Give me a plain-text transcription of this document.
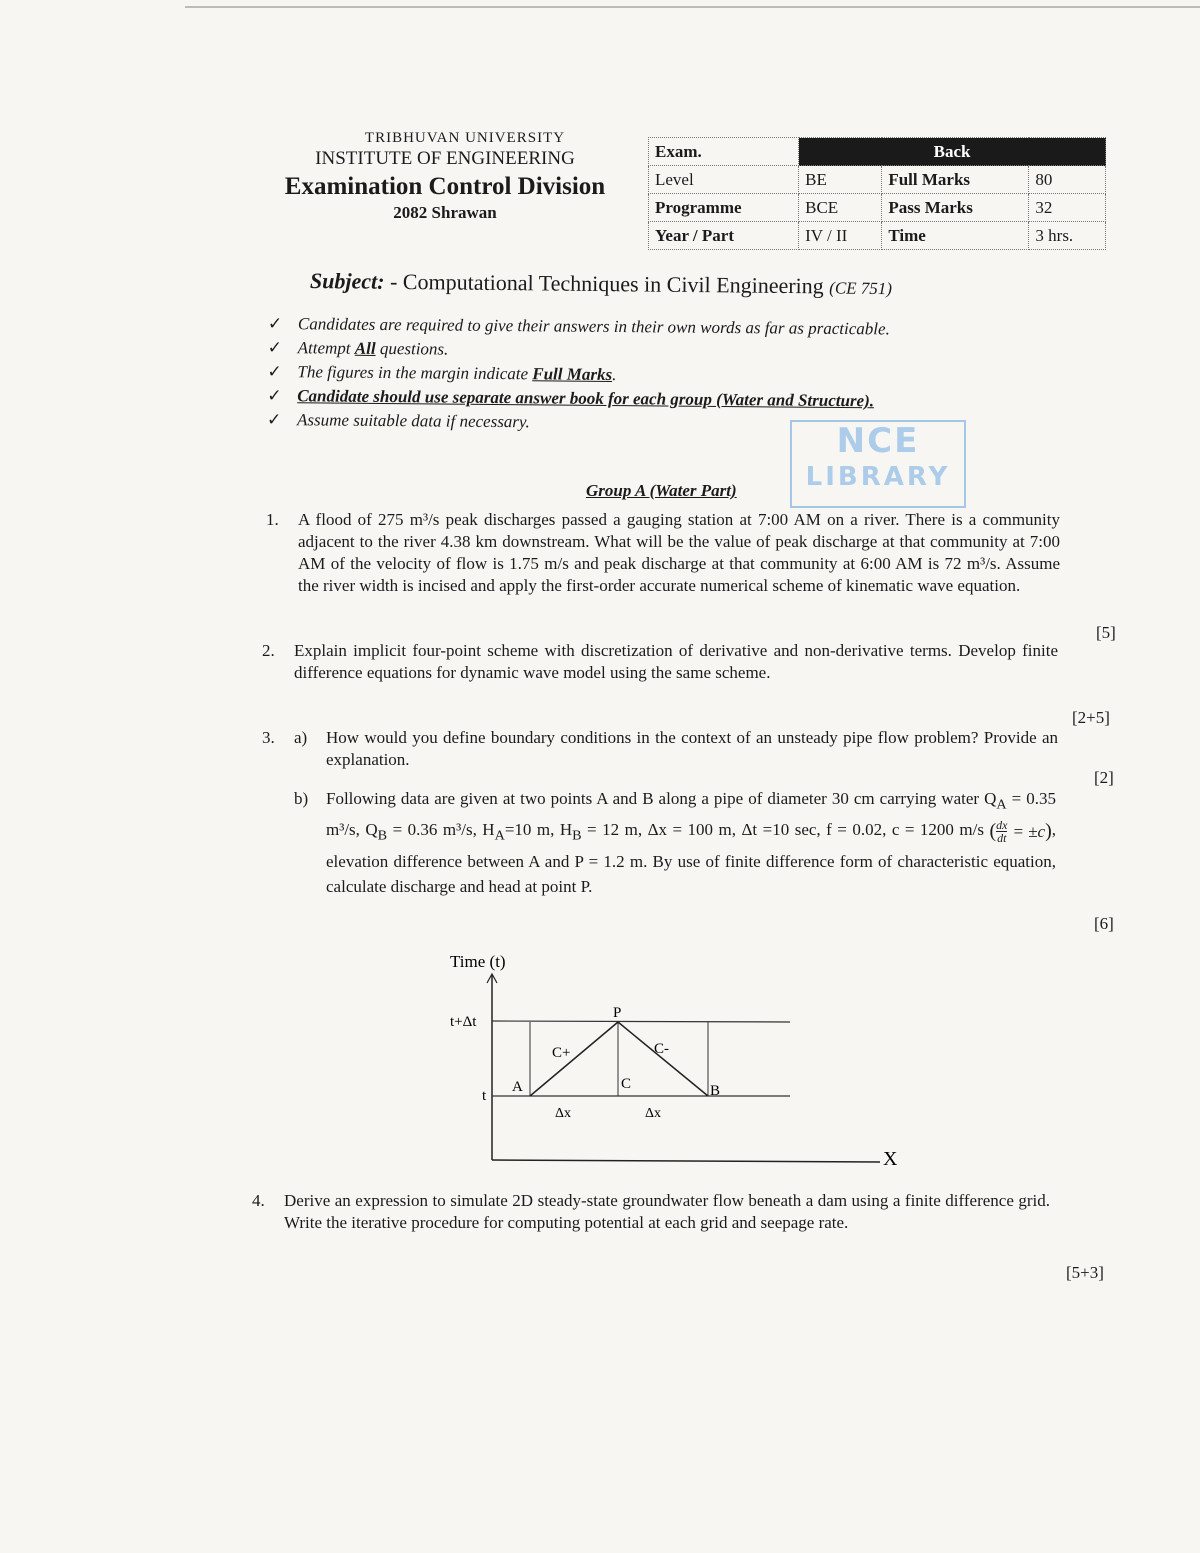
TRIBHUVAN UNIVERSITY
INSTITUTE OF ENGINEERING
Examination Control Division
2082 Shrawan
Exam.	Back		
Level	BE	Full Marks	80
Programme	BCE	Pass Marks	32
Year / Part	IV / II	Time	3 hrs.
Subject: - Computational Techniques in Civil Engineering (CE 751)
✓ Candidates are required to give their answers in their own words as far as practicable.
✓ Attempt All questions.
✓ The figures in the margin indicate Full Marks.
✓ Candidate should use separate answer book for each group (Water and Structure).
✓ Assume suitable data if necessary.
NCE
LIBRARY
Group A (Water Part)
1. A flood of 275 m³/s peak discharges passed a gauging station at 7:00 AM on a river. There is a community adjacent to the river 4.38 km downstream. What will be the value of peak discharge at that community at 7:00 AM of the velocity of flow is 1.75 m/s and peak discharge at that community at 6:00 AM is 72 m³/s. Assume the river width is incised and apply the first-order accurate numerical scheme of kinematic wave equation.
[5]
2. Explain implicit four-point scheme with discretization of derivative and non-derivative terms. Develop finite difference equations for dynamic wave model using the same scheme.
[2+5]
3. a) How would you define boundary conditions in the context of an unsteady pipe flow problem? Provide an explanation.
[2]
b) Following data are given at two points A and B along a pipe of diameter 30 cm carrying water $Q_A = 0.35$ m³/s, $Q_B = 0.36$ m³/s, $H_A=10$ m, $H_B = 12$ m, Δx = 100 m, Δt =10 sec, f = 0.02, c = 1200 m/s ( $\frac{dx}{dt} = \pm c$), elevation difference between A and P = 1.2 m. By use of finite difference form of characteristic equation, calculate discharge and head at point P.
[6]
Time (t)
X
t+Δt
t
P
A	C	B
C+	C-
Δx	Δx
4. Derive an expression to simulate 2D steady-state groundwater flow beneath a dam using a finite difference grid. Write the iterative procedure for computing potential at each grid and seepage rate.
[5+3]
